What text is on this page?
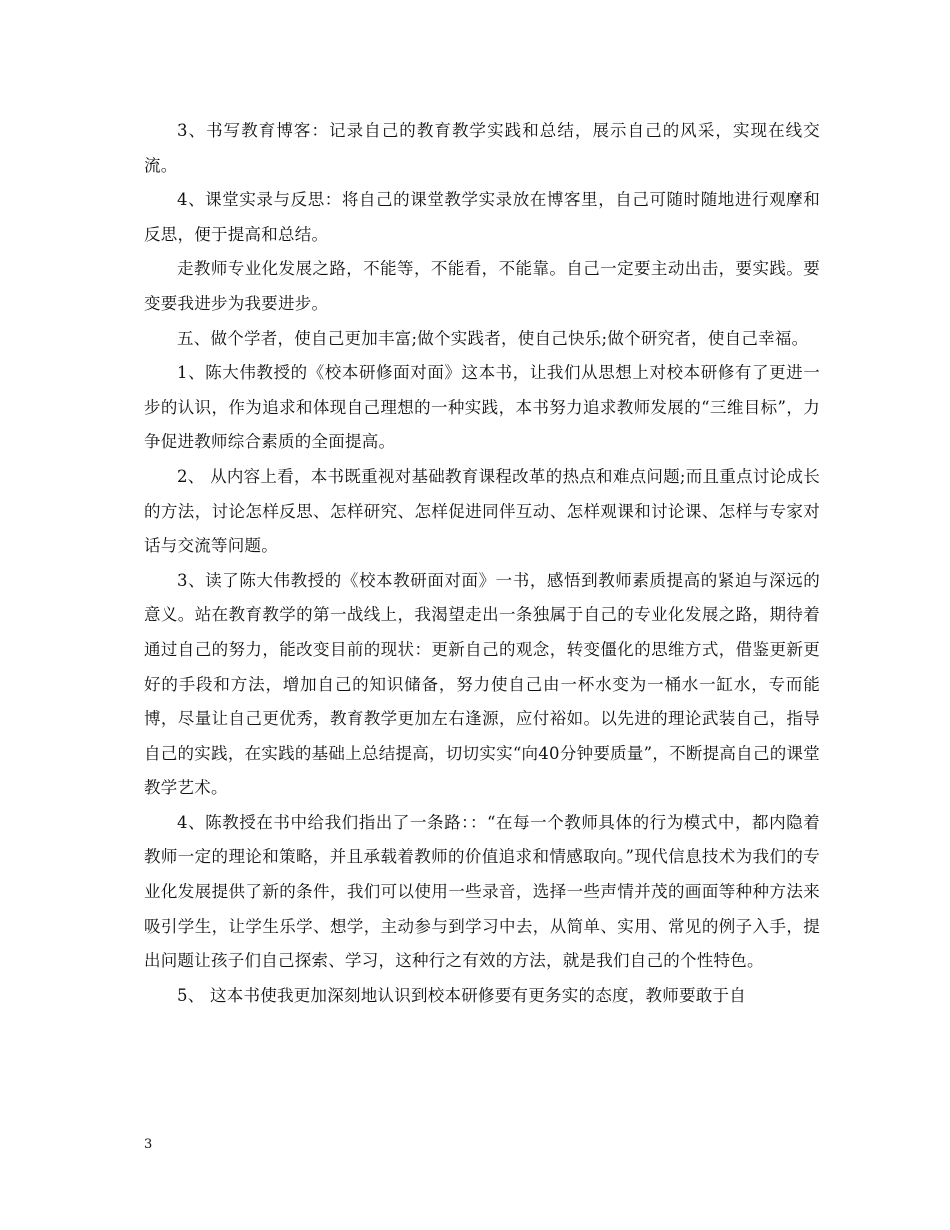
3、书写教育博客：记录自己的教育教学实践和总结，展示自己的风采，实现在线交流。

4、课堂实录与反思：将自己的课堂教学实录放在博客里，自己可随时随地进行观摩和反思，便于提高和总结。

走教师专业化发展之路，不能等，不能看，不能靠。自己一定要主动出击，要实践。要变要我进步为我要进步。

五、做个学者，使自己更加丰富;做个实践者，使自己快乐;做个研究者，使自己幸福。

1、陈大伟教授的《校本研修面对面》这本书，让我们从思想上对校本研修有了更进一步的认识，作为追求和体现自己理想的一种实践，本书努力追求教师发展的“三维目标”，力争促进教师综合素质的全面提高。

2、 从内容上看，本书既重视对基础教育课程改革的热点和难点问题;而且重点讨论成长的方法，讨论怎样反思、怎样研究、怎样促进同伴互动、怎样观课和讨论课、怎样与专家对话与交流等问题。

3、读了陈大伟教授的《校本教研面对面》一书，感悟到教师素质提高的紧迫与深远的意义。站在教育教学的第一战线上，我渴望走出一条独属于自己的专业化发展之路，期待着通过自己的努力，能改变目前的现状：更新自己的观念，转变僵化的思维方式，借鉴更新更好的手段和方法，增加自己的知识储备，努力使自己由一杯水变为一桶水一缸水，专而能博，尽量让自己更优秀，教育教学更加左右逢源，应付裕如。以先进的理论武装自己，指导自己的实践，在实践的基础上总结提高，切切实实“向40分钟要质量”，不断提高自己的课堂教学艺术。

4、陈教授在书中给我们指出了一条路：：“在每一个教师具体的行为模式中，都内隐着教师一定的理论和策略，并且承载着教师的价值追求和情感取向。”现代信息技术为我们的专业化发展提供了新的条件，我们可以使用一些录音，选择一些声情并茂的画面等种种方法来吸引学生，让学生乐学、想学，主动参与到学习中去，从简单、实用、常见的例子入手，提出问题让孩子们自己探索、学习，这种行之有效的方法，就是我们自己的个性特色。

5、 这本书使我更加深刻地认识到校本研修要有更务实的态度，教师要敢于自

3
